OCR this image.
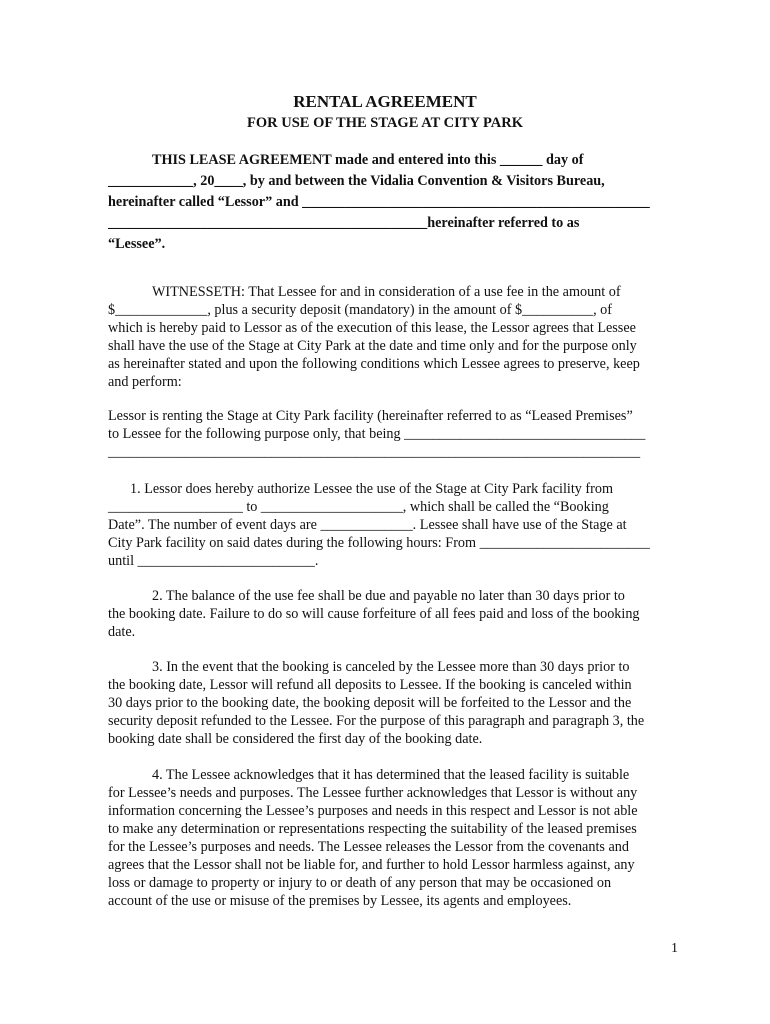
RENTAL AGREEMENT
FOR USE OF THE STAGE AT CITY PARK
THIS LEASE AGREEMENT made and entered into this ______ day of
____________, 20____, by and between the Vidalia Convention & Visitors Bureau,
hereinafter called “Lessor” and _________________________________________________
_____________________________________________hereinafter referred to as
“Lessee”.
WITNESSETH: That Lessee for and in consideration of a use fee in the amount of
$_____________, plus a security deposit (mandatory) in the amount of $__________, of
which is hereby paid to Lessor as of the execution of this lease, the Lessor agrees that Lessee
shall have the use of the Stage at City Park at the date and time only and for the purpose only
as hereinafter stated and upon the following conditions which Lessee agrees to preserve, keep
and perform:
Lessor is renting the Stage at City Park facility (hereinafter referred to as “Leased Premises”
to Lessee for the following purpose only, that being __________________________________
___________________________________________________________________________
1. Lessor does hereby authorize Lessee the use of the Stage at City Park facility from
___________________ to ____________________, which shall be called the “Booking
Date”. The number of event days are _____________. Lessee shall have use of the Stage at
City Park facility on said dates during the following hours: From ________________________
until _________________________.
2. The balance of the use fee shall be due and payable no later than 30 days prior to
the booking date. Failure to do so will cause forfeiture of all fees paid and loss of the booking
date.
3. In the event that the booking is canceled by the Lessee more than 30 days prior to
the booking date, Lessor will refund all deposits to Lessee. If the booking is canceled within
30 days prior to the booking date, the booking deposit will be forfeited to the Lessor and the
security deposit refunded to the Lessee. For the purpose of this paragraph and paragraph 3, the
booking date shall be considered the first day of the booking date.
4. The Lessee acknowledges that it has determined that the leased facility is suitable
for Lessee’s needs and purposes. The Lessee further acknowledges that Lessor is without any
information concerning the Lessee’s purposes and needs in this respect and Lessor is not able
to make any determination or representations respecting the suitability of the leased premises
for the Lessee’s purposes and needs. The Lessee releases the Lessor from the covenants and
agrees that the Lessor shall not be liable for, and further to hold Lessor harmless against, any
loss or damage to property or injury to or death of any person that may be occasioned on
account of the use or misuse of the premises by Lessee, its agents and employees.
1
